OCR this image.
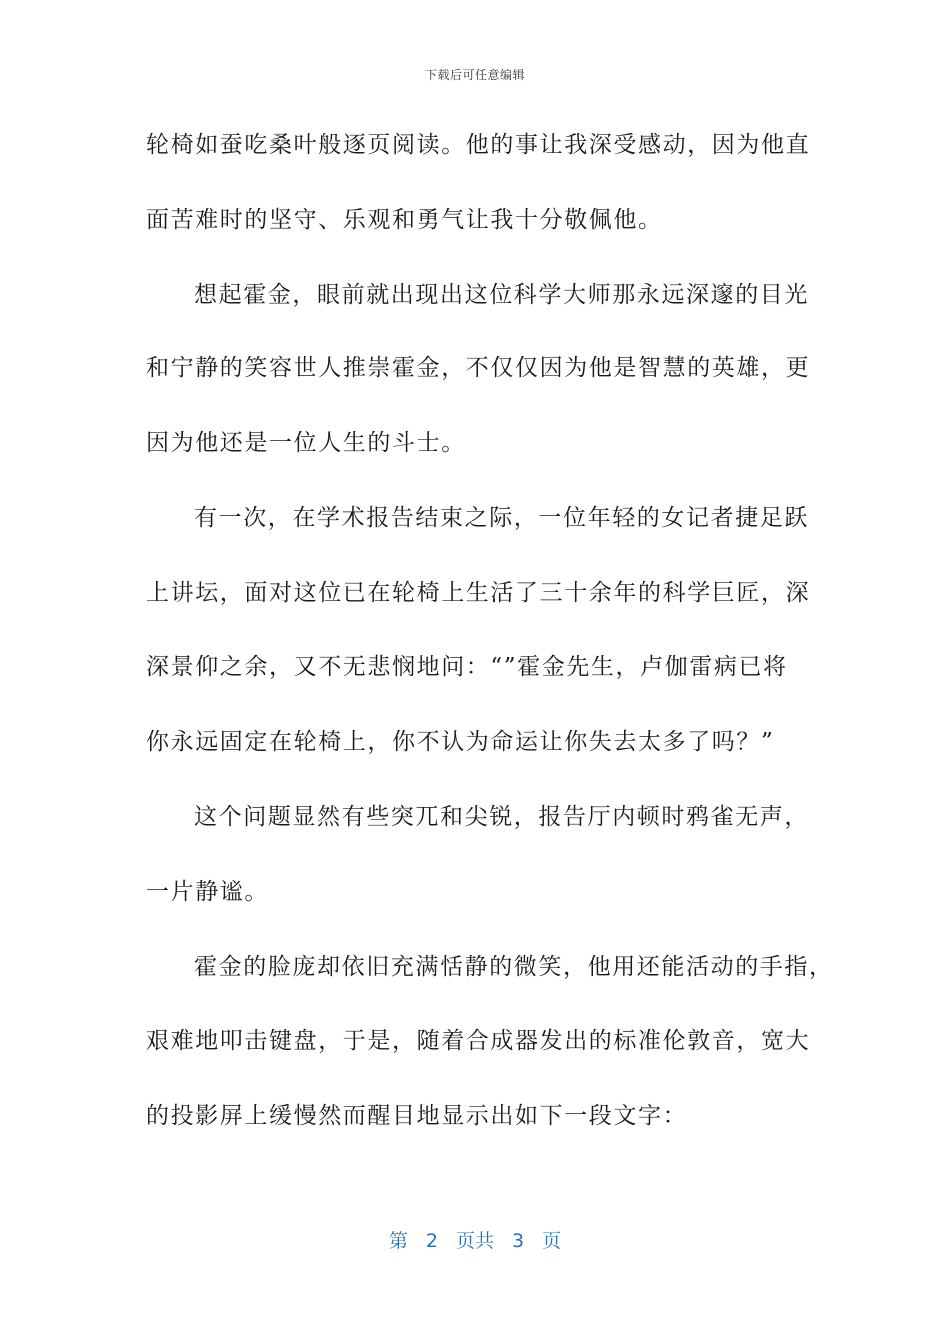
下载后可任意编辑
轮椅如蚕吃桑叶般逐页阅读。他的事让我深受感动，因为他直
面苦难时的坚守、乐观和勇气让我十分敬佩他。
想起霍金，眼前就出现出这位科学大师那永远深邃的目光
和宁静的笑容世人推崇霍金，不仅仅因为他是智慧的英雄，更
因为他还是一位人生的斗士。
有一次，在学术报告结束之际，一位年轻的女记者捷足跃
上讲坛，面对这位已在轮椅上生活了三十余年的科学巨匠，深
深景仰之余，又不无悲悯地问：“”霍金先生，卢伽雷病已将
你永远固定在轮椅上，你不认为命运让你失去太多了吗？”
这个问题显然有些突兀和尖锐，报告厅内顿时鸦雀无声，
一片静谧。
霍金的脸庞却依旧充满恬静的微笑，他用还能活动的手指，
艰难地叩击键盘，于是，随着合成器发出的标准伦敦音，宽大
的投影屏上缓慢然而醒目地显示出如下一段文字：
第 2 页共 3 页
